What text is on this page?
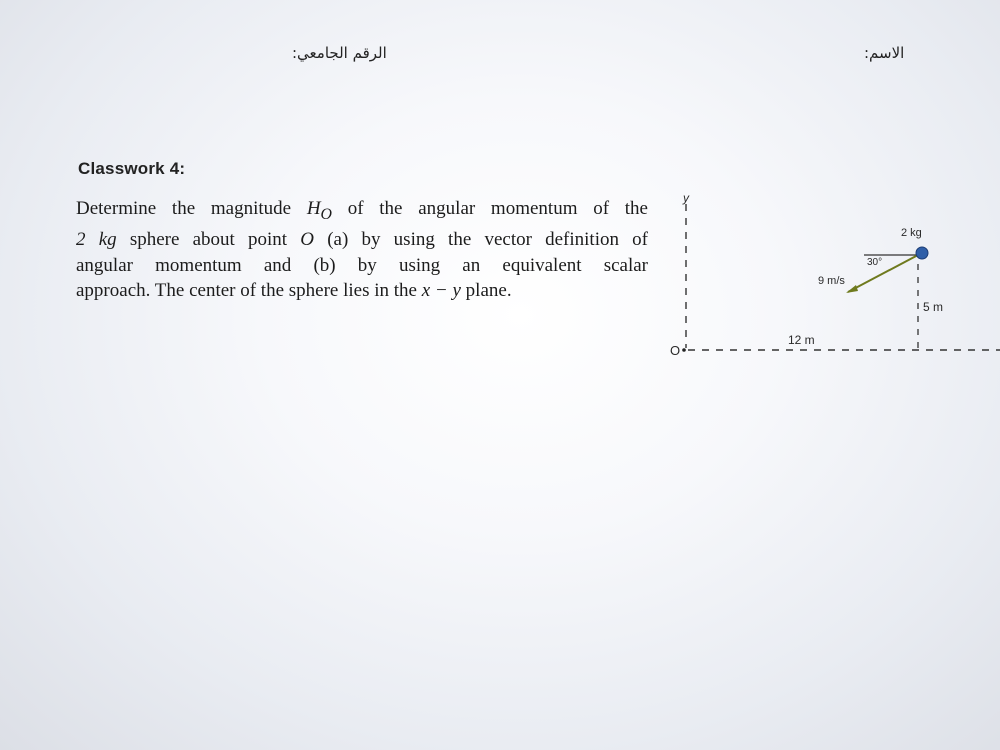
الرقم الجامعي:	الاسم:
Classwork 4:
Determine the magnitude $H_O$ of the angular momentum of the
2 kg sphere about point O (a) by using the vector definition of
angular momentum and (b) by using an equivalent scalar
approach. The center of the sphere lies in the x − y plane.
y
O
12 m
5 m
2 kg
30°
9 m/s
